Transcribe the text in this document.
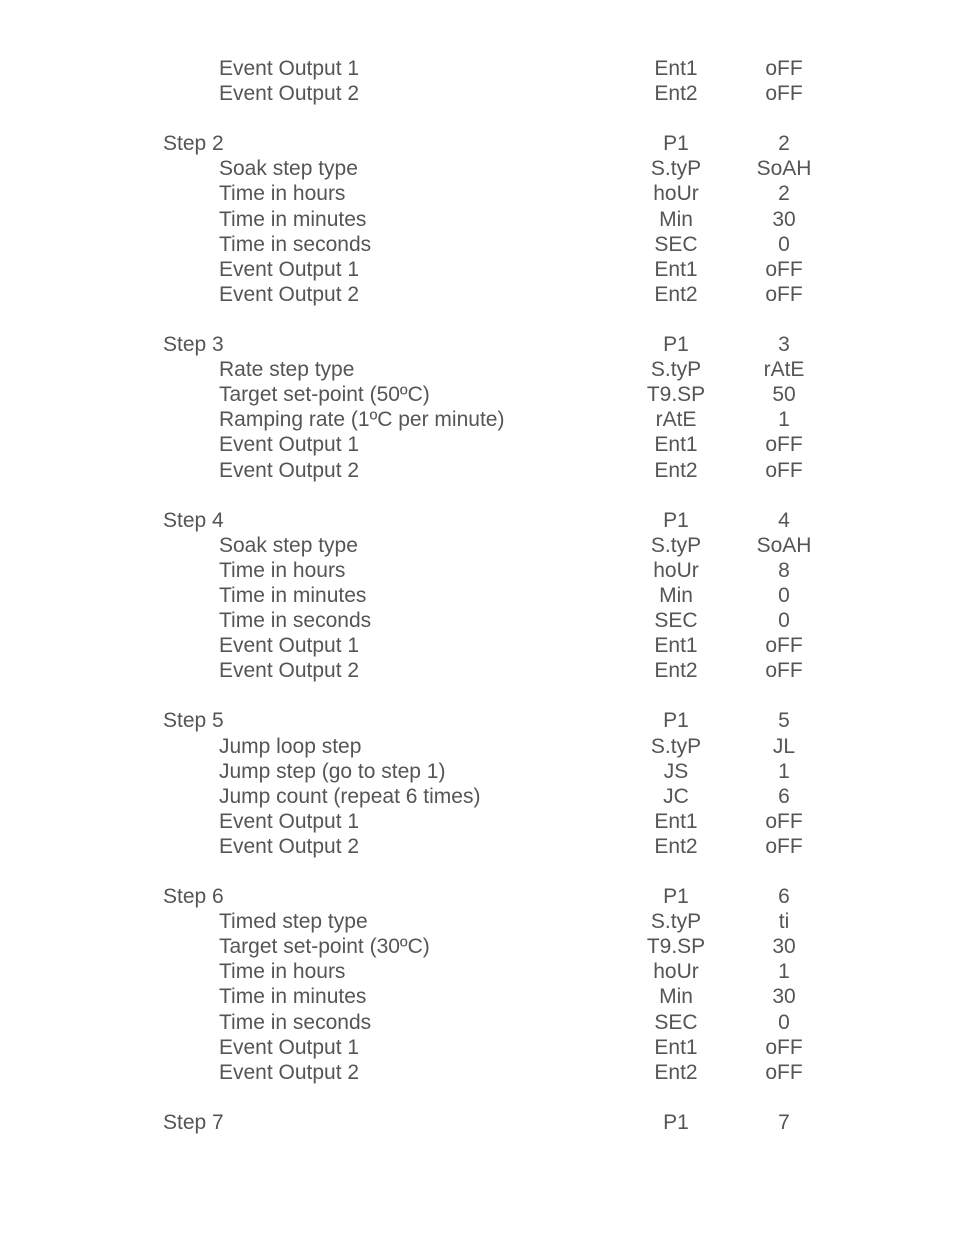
Event Output 1	Ent1	oFF
Event Output 2	Ent2	oFF
Step 2	P1	2
Soak step type	S.tyP	SoAH
Time in hours	hoUr	2
Time in minutes	Min	30
Time in seconds	SEC	0
Event Output 1	Ent1	oFF
Event Output 2	Ent2	oFF
Step 3	P1	3
Rate step type	S.tyP	rAtE
Target set-point (50ºC)	T9.SP	50
Ramping rate (1ºC per minute)	rAtE	1
Event Output 1	Ent1	oFF
Event Output 2	Ent2	oFF
Step 4	P1	4
Soak step type	S.tyP	SoAH
Time in hours	hoUr	8
Time in minutes	Min	0
Time in seconds	SEC	0
Event Output 1	Ent1	oFF
Event Output 2	Ent2	oFF
Step 5	P1	5
Jump loop step	S.tyP	JL
Jump step (go to step 1)	JS	1
Jump count (repeat 6 times)	JC	6
Event Output 1	Ent1	oFF
Event Output 2	Ent2	oFF
Step 6	P1	6
Timed step type	S.tyP	ti
Target set-point (30ºC)	T9.SP	30
Time in hours	hoUr	1
Time in minutes	Min	30
Time in seconds	SEC	0
Event Output 1	Ent1	oFF
Event Output 2	Ent2	oFF
Step 7	P1	7
